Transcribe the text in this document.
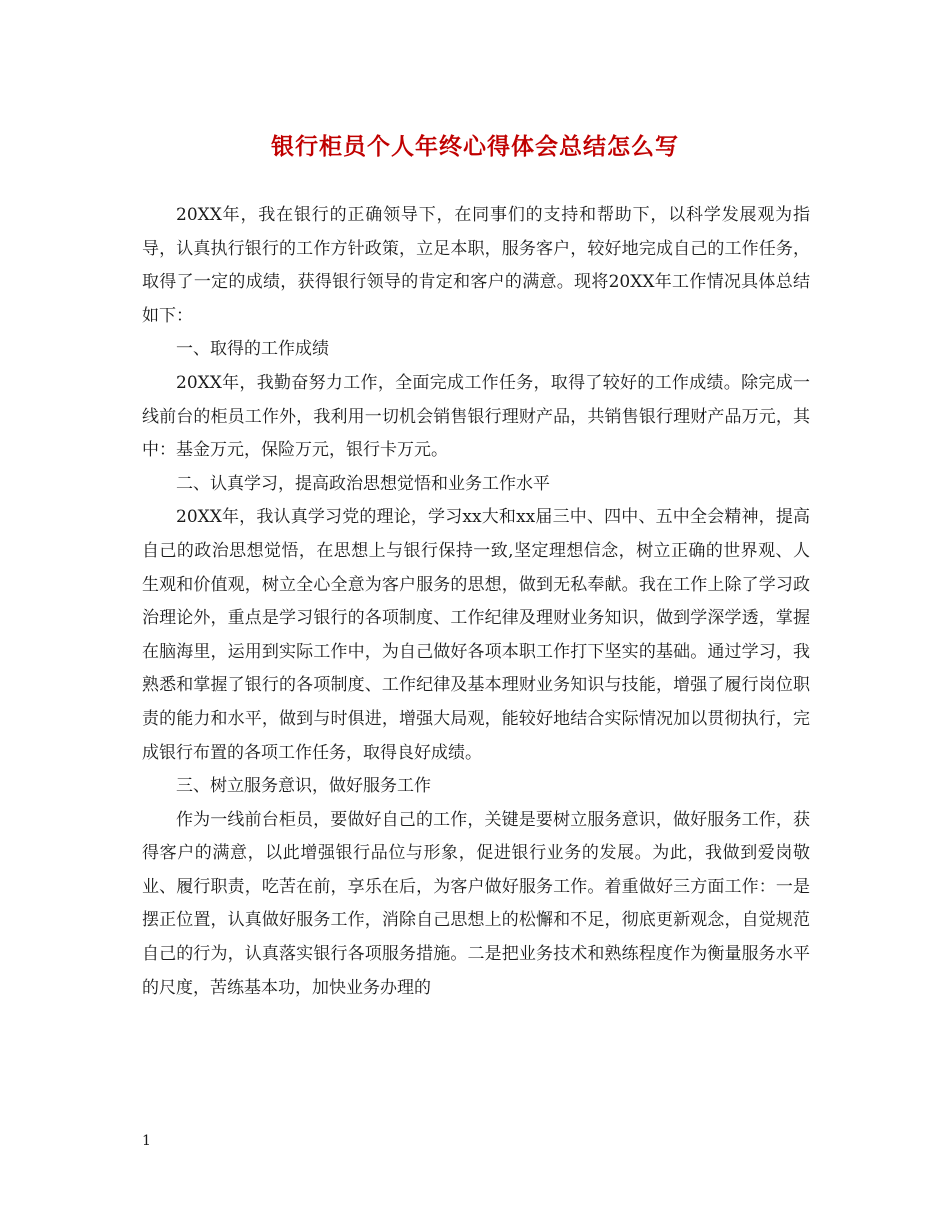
银行柜员个人年终心得体会总结怎么写

20XX年，我在银行的正确领导下，在同事们的支持和帮助下，以科学发展观为指导，认真执行银行的工作方针政策，立足本职，服务客户，较好地完成自己的工作任务，取得了一定的成绩，获得银行领导的肯定和客户的满意。现将20XX年工作情况具体总结如下：

一、取得的工作成绩

20XX年，我勤奋努力工作，全面完成工作任务，取得了较好的工作成绩。除完成一线前台的柜员工作外，我利用一切机会销售银行理财产品，共销售银行理财产品万元，其中：基金万元，保险万元，银行卡万元。

二、认真学习，提高政治思想觉悟和业务工作水平

20XX年，我认真学习党的理论，学习xx大和xx届三中、四中、五中全会精神，提高自己的政治思想觉悟，在思想上与银行保持一致,坚定理想信念，树立正确的世界观、人生观和价值观，树立全心全意为客户服务的思想，做到无私奉献。我在工作上除了学习政治理论外，重点是学习银行的各项制度、工作纪律及理财业务知识，做到学深学透，掌握在脑海里，运用到实际工作中，为自己做好各项本职工作打下坚实的基础。通过学习，我熟悉和掌握了银行的各项制度、工作纪律及基本理财业务知识与技能，增强了履行岗位职责的能力和水平，做到与时俱进，增强大局观，能较好地结合实际情况加以贯彻执行，完成银行布置的各项工作任务，取得良好成绩。

三、树立服务意识，做好服务工作

作为一线前台柜员，要做好自己的工作，关键是要树立服务意识，做好服务工作，获得客户的满意，以此增强银行品位与形象，促进银行业务的发展。为此，我做到爱岗敬业、履行职责，吃苦在前，享乐在后，为客户做好服务工作。着重做好三方面工作：一是摆正位置，认真做好服务工作，消除自己思想上的松懈和不足，彻底更新观念，自觉规范自己的行为，认真落实银行各项服务措施。二是把业务技术和熟练程度作为衡量服务水平的尺度，苦练基本功，加快业务办理的

1
